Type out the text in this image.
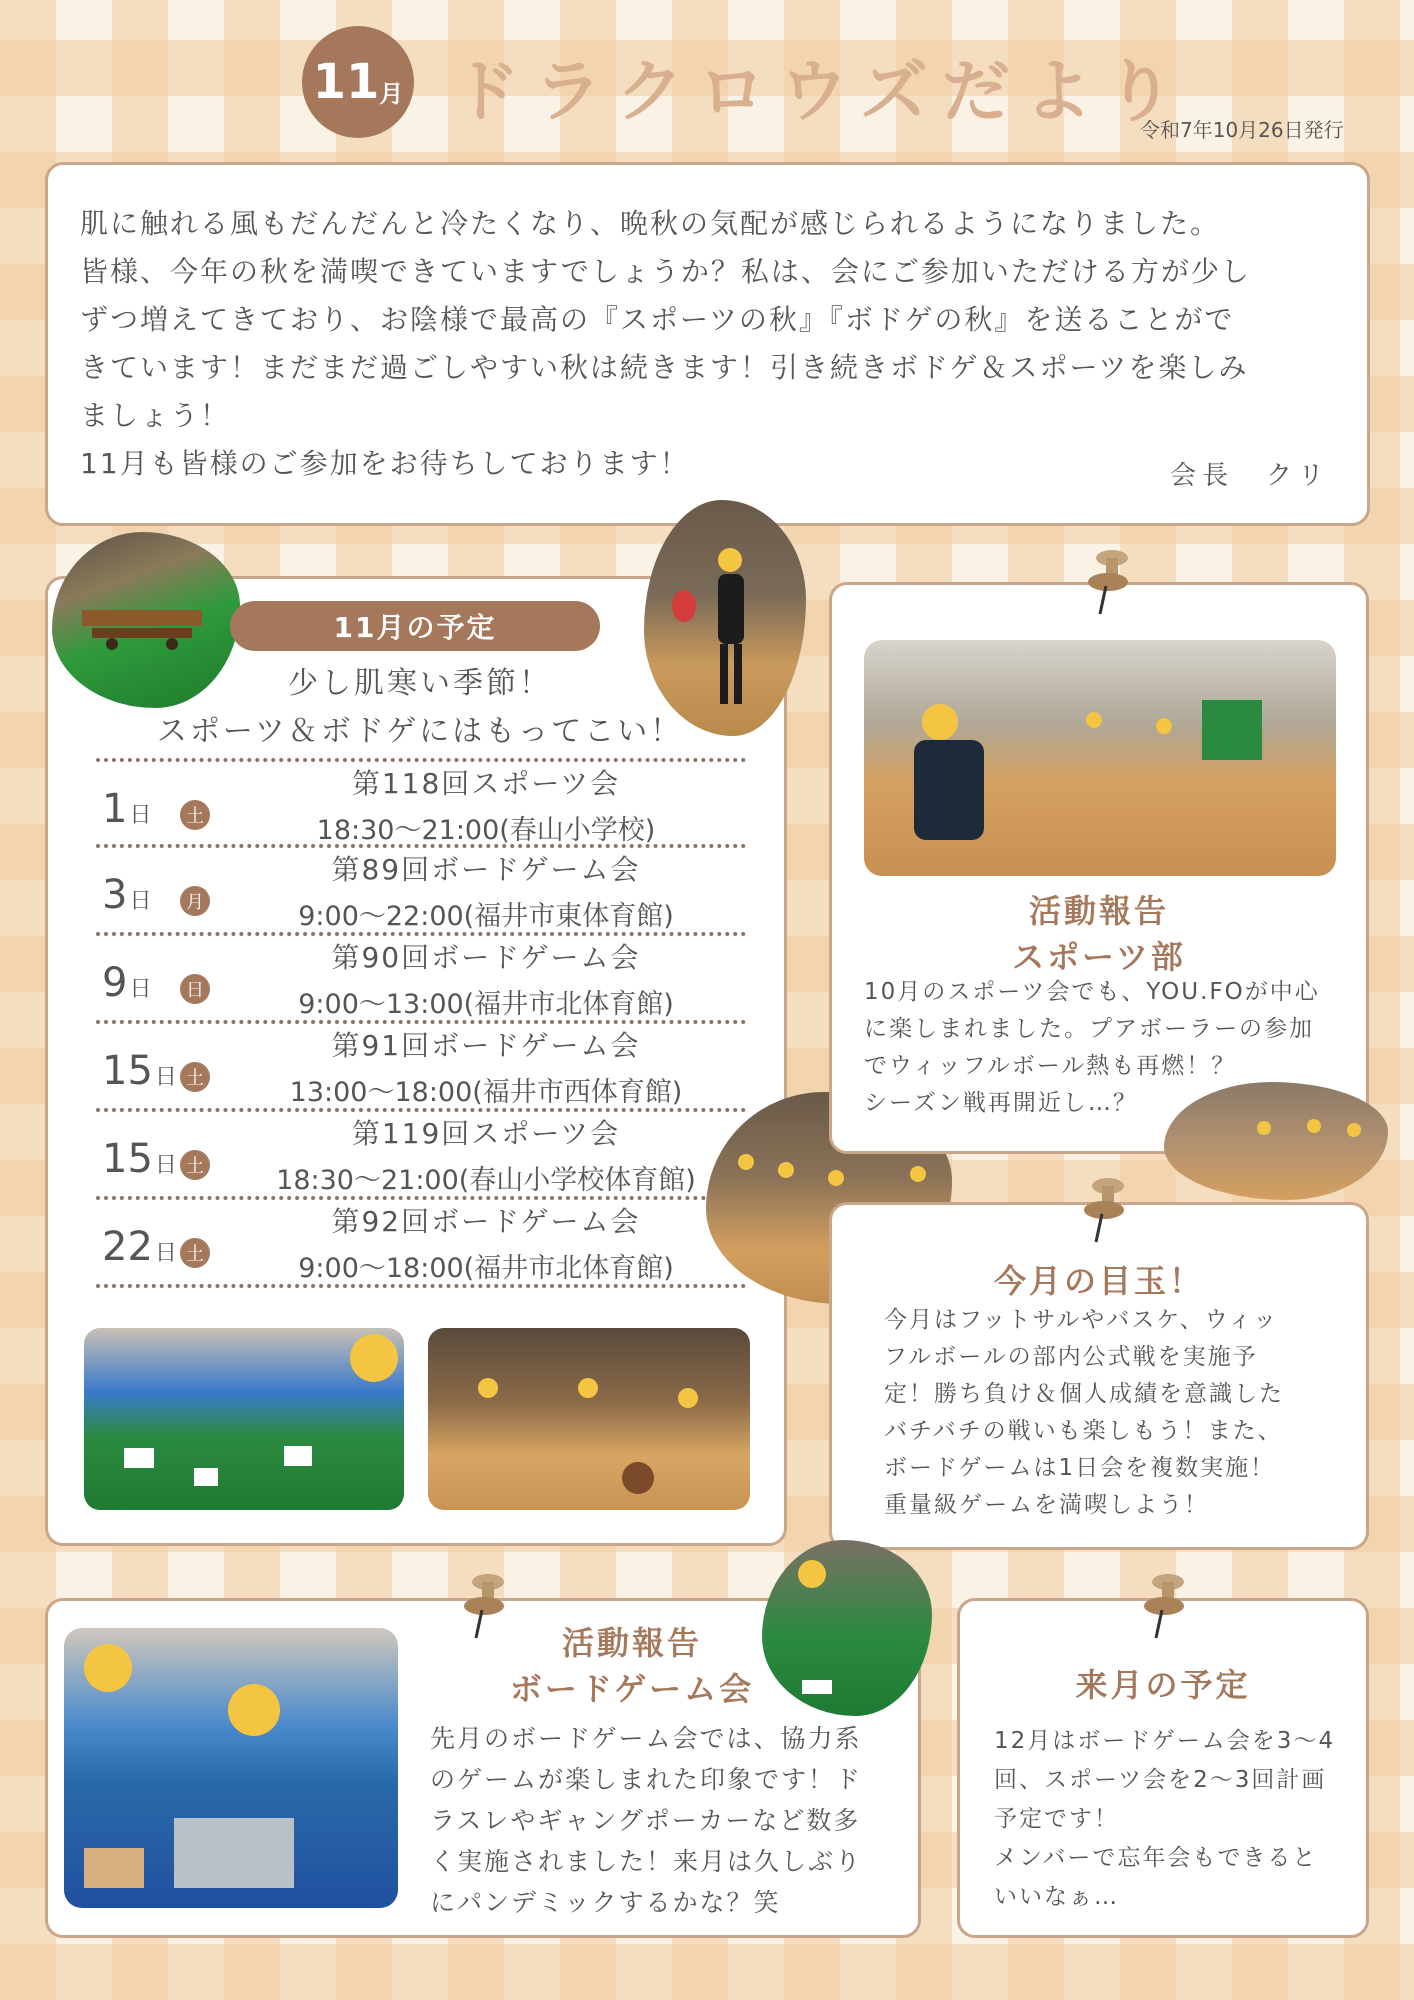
11 月 ドラクロウズだより
令和7年10月26日発行
肌に触れる風もだんだんと冷たくなり、晩秋の気配が感じられるようになりました。
皆様、今年の秋を満喫できていますでしょうか？私は、会にご参加いただける方が少し
ずつ増えてきており、お陰様で最高の『スポーツの秋』『ボドゲの秋』を送ることがで
きています！まだまだ過ごしやすい秋は続きます！引き続きボドゲ＆スポーツを楽しみ
ましょう！
11月も皆様のご参加をお待ちしております！	会長　クリ
11月の予定
少し肌寒い季節！
スポーツ＆ボドゲにはもってこい！
1日	土
第118回スポーツ会
18:30〜21:00(春山小学校)
3日	月
第89回ボードゲーム会
9:00〜22:00(福井市東体育館)
9日	日
第90回ボードゲーム会
9:00〜13:00(福井市北体育館)
15日 土
第91回ボードゲーム会
13:00〜18:00(福井市西体育館)
15日 土
第119回スポーツ会
18:30〜21:00(春山小学校体育館)
22日 土
第92回ボードゲーム会
9:00〜18:00(福井市北体育館)
活動報告
スポーツ部
10月のスポーツ会でも、YOU.FOが中心
に楽しまれました。プアボーラーの参加
でウィッフルボール熱も再燃！？
シーズン戦再開近し…？
今月の目玉！
今月はフットサルやバスケ、ウィッ
フルボールの部内公式戦を実施予
定！勝ち負け＆個人成績を意識した
バチバチの戦いも楽しもう！また、
ボードゲームは1日会を複数実施！
重量級ゲームを満喫しよう！
活動報告
ボードゲーム会
先月のボードゲーム会では、協力系
のゲームが楽しまれた印象です！ド
ラスレやギャングポーカーなど数多
く実施されました！来月は久しぶり
にパンデミックするかな？笑
来月の予定
12月はボードゲーム会を3〜4
回、スポーツ会を2〜3回計画
予定です！
メンバーで忘年会もできると
いいなぁ…
